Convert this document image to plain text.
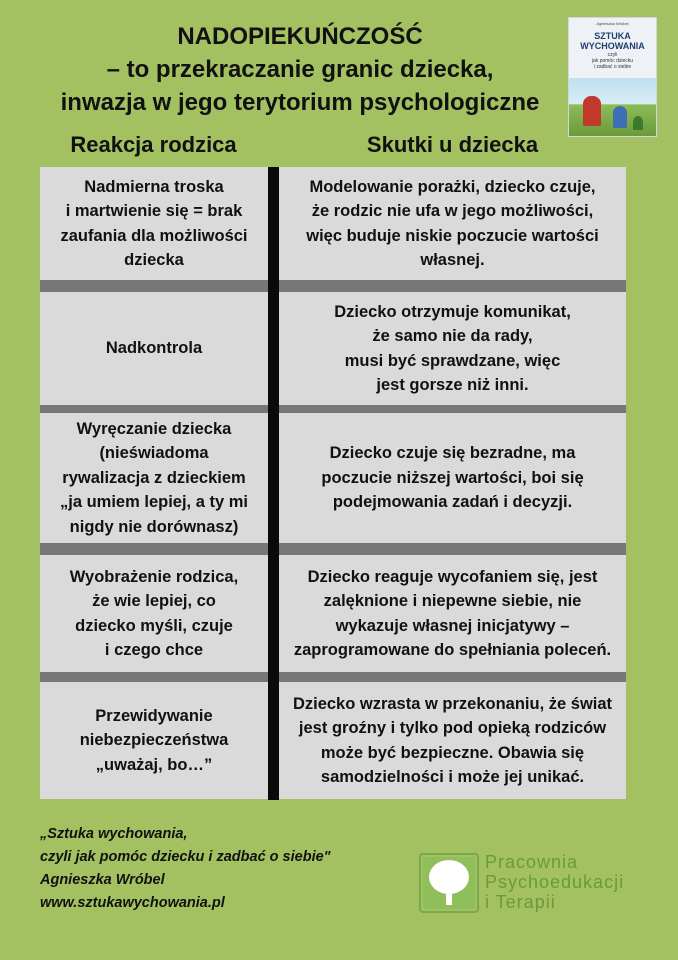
NADOPIEKUŃCZOŚĆ
– to przekraczanie granic dziecka,
inwazja w jego terytorium psychologiczne
Agnieszka Wróbel
SZTUKA
WYCHOWANIA
czyli
jak pomóc dziecku
i zadbać o siebie
Reakcja rodzica	Skutki u dziecka
Nadmierna troska
i martwienie się = brak
zaufania dla możliwości
dziecka
Modelowanie porażki, dziecko czuje,
że rodzic nie ufa w jego możliwości,
więc buduje niskie poczucie wartości
własnej.
Nadkontrola
Dziecko otrzymuje komunikat,
że samo nie da rady,
musi być sprawdzane, więc
jest gorsze niż inni.
Wyręczanie dziecka
(nieświadoma
rywalizacja z dzieckiem
„ja umiem lepiej, a ty mi
nigdy nie dorównasz)
Dziecko czuje się bezradne, ma
poczucie niższej wartości, boi się
podejmowania zadań i decyzji.
Wyobrażenie rodzica,
że wie lepiej, co
dziecko myśli, czuje
i czego chce
Dziecko reaguje wycofaniem się, jest
zalęknione i niepewne siebie, nie
wykazuje własnej inicjatywy –
zaprogramowane do spełniania poleceń.
Przewidywanie
niebezpieczeństwa
„uważaj, bo…”
Dziecko wzrasta w przekonaniu, że świat
jest groźny i tylko pod opieką rodziców
może być bezpieczne. Obawia się
samodzielności i może jej unikać.
„Sztuka wychowania,
czyli jak pomóc dziecku i zadbać o siebie"
Agnieszka Wróbel
www.sztukawychowania.pl
Pracownia
Psychoedukacji
i Terapii
